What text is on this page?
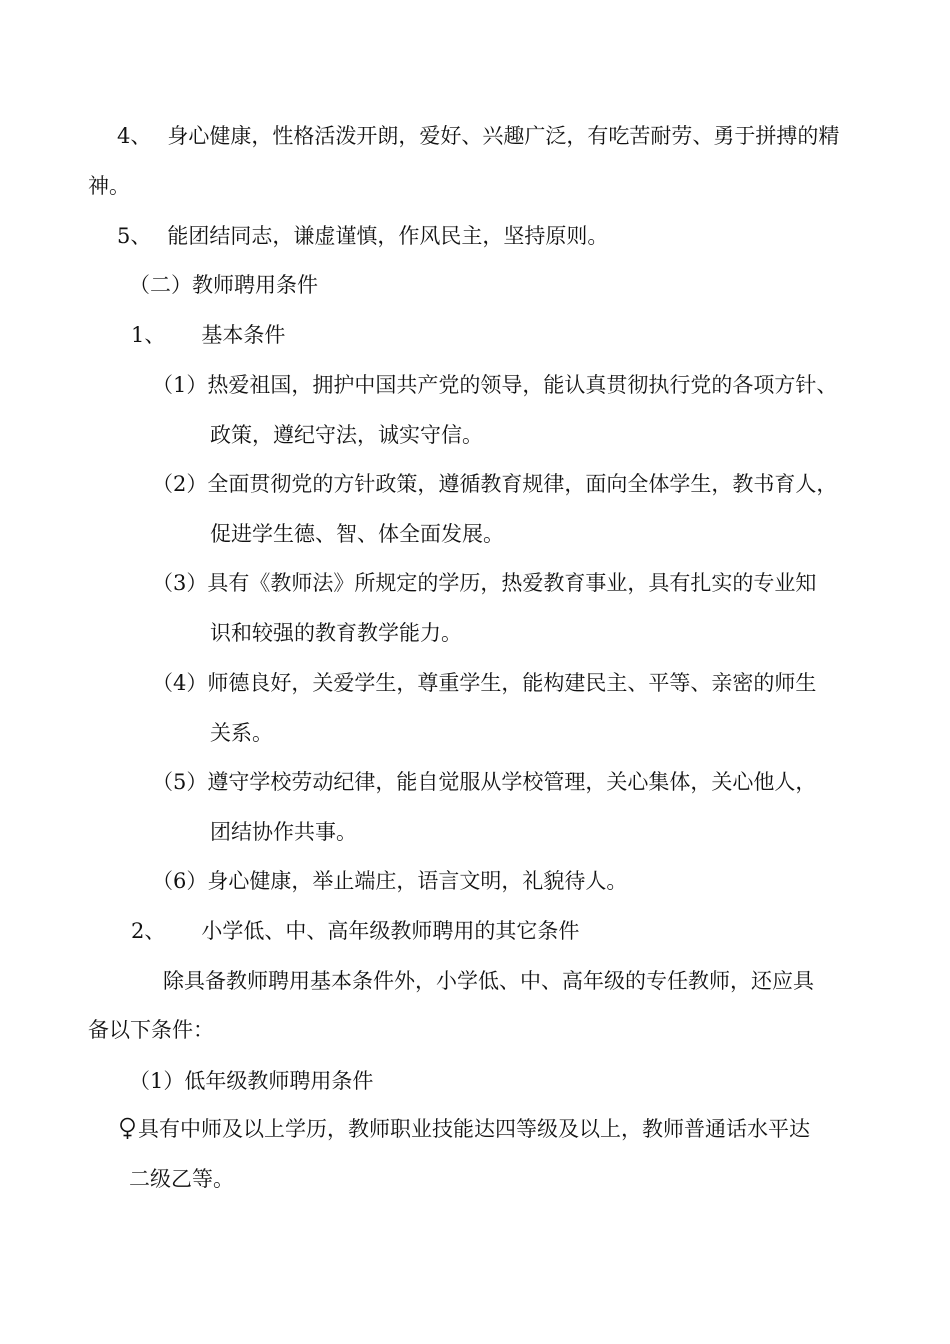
4、 身心健康，性格活泼开朗，爱好、兴趣广泛，有吃苦耐劳、勇于拼搏的精
神。
5、 能团结同志，谦虚谨慎，作风民主，坚持原则。
（二）教师聘用条件
1、 基本条件
（1）热爱祖国，拥护中国共产党的领导，能认真贯彻执行党的各项方针、
政策，遵纪守法，诚实守信。
（2）全面贯彻党的方针政策，遵循教育规律，面向全体学生，教书育人，
促进学生德、智、体全面发展。
（3）具有《教师法》所规定的学历，热爱教育事业，具有扎实的专业知
识和较强的教育教学能力。
（4）师德良好，关爱学生，尊重学生，能构建民主、平等、亲密的师生
关系。
（5）遵守学校劳动纪律，能自觉服从学校管理，关心集体，关心他人，
团结协作共事。
（6）身心健康，举止端庄，语言文明，礼貌待人。
2、 小学低、中、高年级教师聘用的其它条件
除具备教师聘用基本条件外，小学低、中、高年级的专任教师，还应具
备以下条件：
（1）低年级教师聘用条件
具有中师及以上学历，教师职业技能达四等级及以上，教师普通话水平达
二级乙等。
